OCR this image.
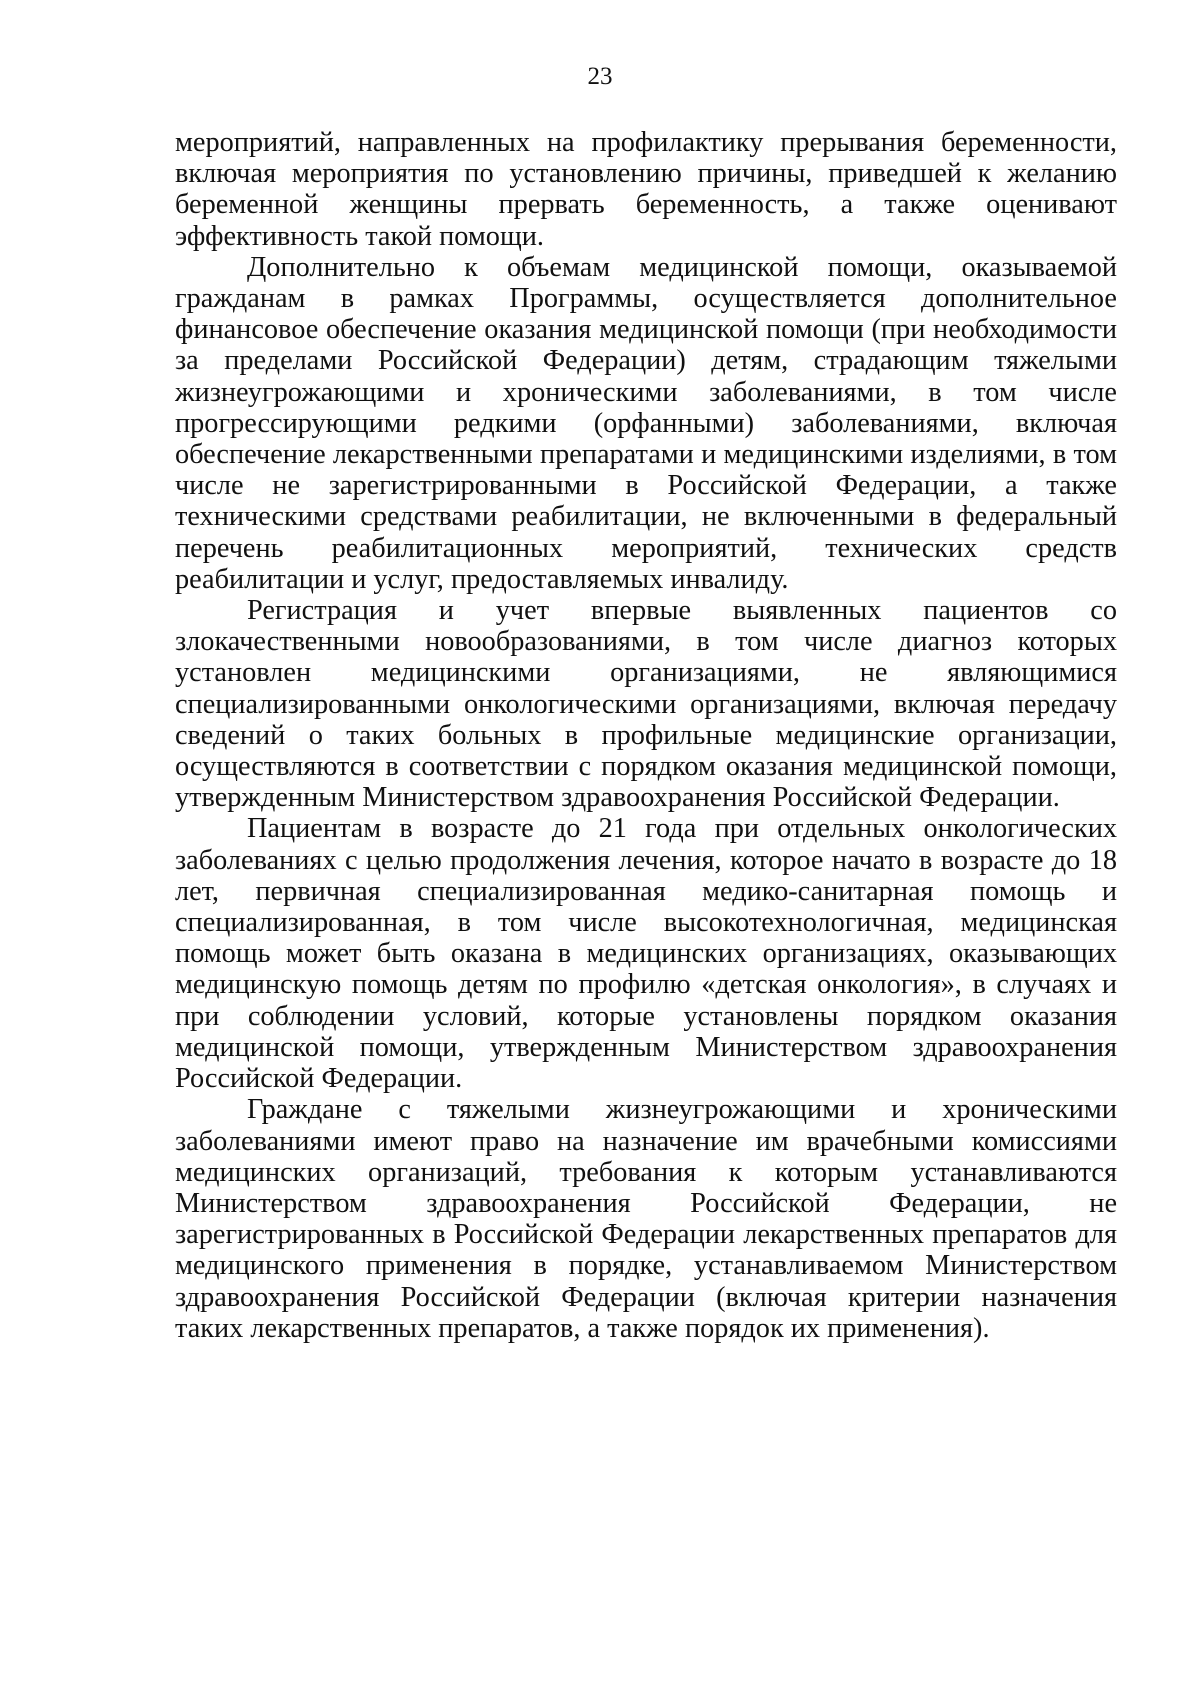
23

мероприятий, направленных на профилактику прерывания беременности, включая мероприятия по установлению причины, приведшей к желанию беременной женщины прервать беременность, а также оценивают эффективность такой помощи.

Дополнительно к объемам медицинской помощи, оказываемой гражданам в рамках Программы, осуществляется дополнительное финансовое обеспечение оказания медицинской помощи (при необходимости за пределами Российской Федерации) детям, страдающим тяжелыми жизнеугрожающими и хроническими заболеваниями, в том числе прогрессирующими редкими (орфанными) заболеваниями, включая обеспечение лекарственными препаратами и медицинскими изделиями, в том числе не зарегистрированными в Российской Федерации, а также техническими средствами реабилитации, не включенными в федеральный перечень реабилитационных мероприятий, технических средств реабилитации и услуг, предоставляемых инвалиду.

Регистрация и учет впервые выявленных пациентов со злокачественными новообразованиями, в том числе диагноз которых установлен медицинскими организациями, не являющимися специализированными онкологическими организациями, включая передачу сведений о таких больных в профильные медицинские организации, осуществляются в соответствии с порядком оказания медицинской помощи, утвержденным Министерством здравоохранения Российской Федерации.

Пациентам в возрасте до 21 года при отдельных онкологических заболеваниях с целью продолжения лечения, которое начато в возрасте до 18 лет, первичная специализированная медико-санитарная помощь и специализированная, в том числе высокотехнологичная, медицинская помощь может быть оказана в медицинских организациях, оказывающих медицинскую помощь детям по профилю «детская онкология», в случаях и при соблюдении условий, которые установлены порядком оказания медицинской помощи, утвержденным Министерством здравоохранения Российской Федерации.

Граждане с тяжелыми жизнеугрожающими и хроническими заболеваниями имеют право на назначение им врачебными комиссиями медицинских организаций, требования к которым устанавливаются Министерством здравоохранения Российской Федерации, не зарегистрированных в Российской Федерации лекарственных препаратов для медицинского применения в порядке, устанавливаемом Министерством здравоохранения Российской Федерации (включая критерии назначения таких лекарственных препаратов, а также порядок их применения).
